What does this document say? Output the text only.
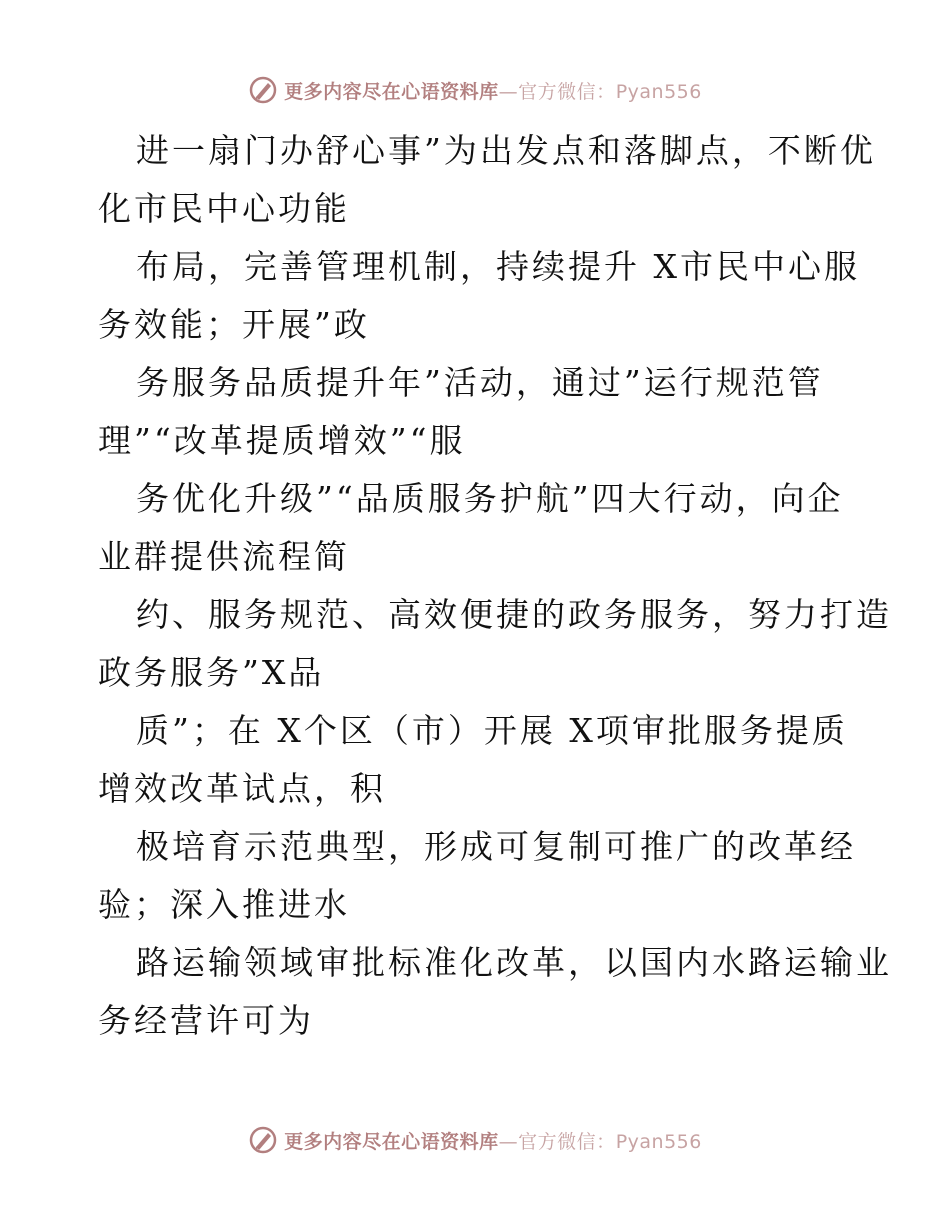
更多内容尽在心语资料库—官方微信：Pyan556
进一扇门办舒心事”为出发点和落脚点，不断优
化市民中心功能
布局，完善管理机制，持续提升 X市民中心服
务效能；开展”政
务服务品质提升年”活动，通过”运行规范管
理”“改革提质增效”“服
务优化升级”“品质服务护航”四大行动，向企
业群提供流程简
约、服务规范、高效便捷的政务服务，努力打造
政务服务”X品
质”；在 X个区（市）开展 X项审批服务提质
增效改革试点，积
极培育示范典型，形成可复制可推广的改革经
验；深入推进水
路运输领域审批标准化改革，以国内水路运输业
务经营许可为
更多内容尽在心语资料库—官方微信：Pyan556
